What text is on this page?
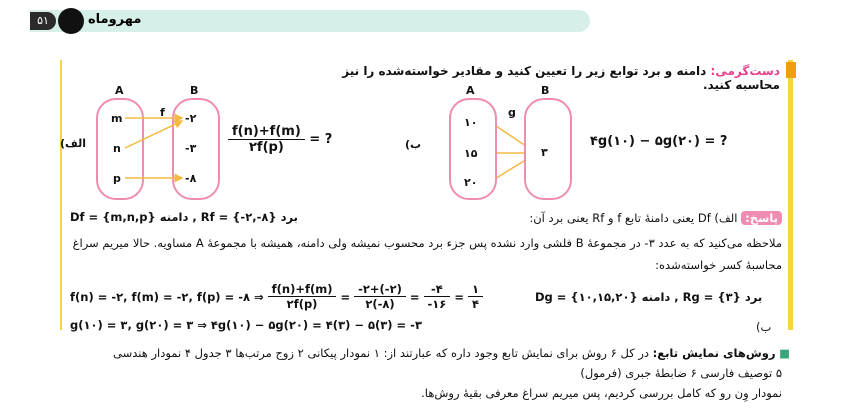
۵۱	مهروماه
دست‌گرمی: دامنه و برد توابع زیر را تعیین کنید و مقادیر خواسته‌شده را نیز محاسبه کنید.
(الف
A	B
f
m
n
p
-۲
-۳
-۸
$\frac{f(n)+f(m)}{۲f(p)}$ = ?	(ب
A	B
g
۱۰
۱۵
۲۰
۳
۴g(۱۰) − ۵g(۲۰) = ?
پاسخ: الف) Df یعنی دامنهٔ تابع f و Rf یعنی برد آن:
Df = {m,n,p} دامنه , Rf = {-۲,-۸} برد
ملاحظه می‌کنید که به عدد ۳- در مجموعهٔ B فلشی وارد نشده پس جزء برد محسوب نمیشه ولی دامنه، همیشه با مجموعهٔ A مساویه. حالا میریم سراغ
محاسبهٔ کسر خواسته‌شده:
f(n) = -۲, f(m) = -۲, f(p) = -۸ ⇒ $\frac{f(n)+f(m)}{۲f(p)} = \frac{-۲+(-۲)}{۲(-۸)} = \frac{-۴}{-۱۶} = \frac{۱}{۴}$	Dg = {۱۰,۱۵,۲۰} دامنه , Rg = {۳} برد
g(۱۰) = ۳, g(۲۰) = ۳ ⇒ ۴g(۱۰) − ۵g(۲۰) = ۴(۳) − ۵(۳) = -۳	ب)
■ روش‌های نمایش تابع: در کل ۶ روش برای نمایش تابع وجود داره که عبارتند از: ۱ نمودار پیکانی ۲ زوج مرتب‌ها ۳ جدول ۴ نمودار هندسی
۵ توصیف فارسی ۶ ضابطهٔ جبری (فرمول)
نمودار وِن رو که کامل بررسی کردیم، پس میریم سراغ معرفی بقیهٔ روش‌ها.
